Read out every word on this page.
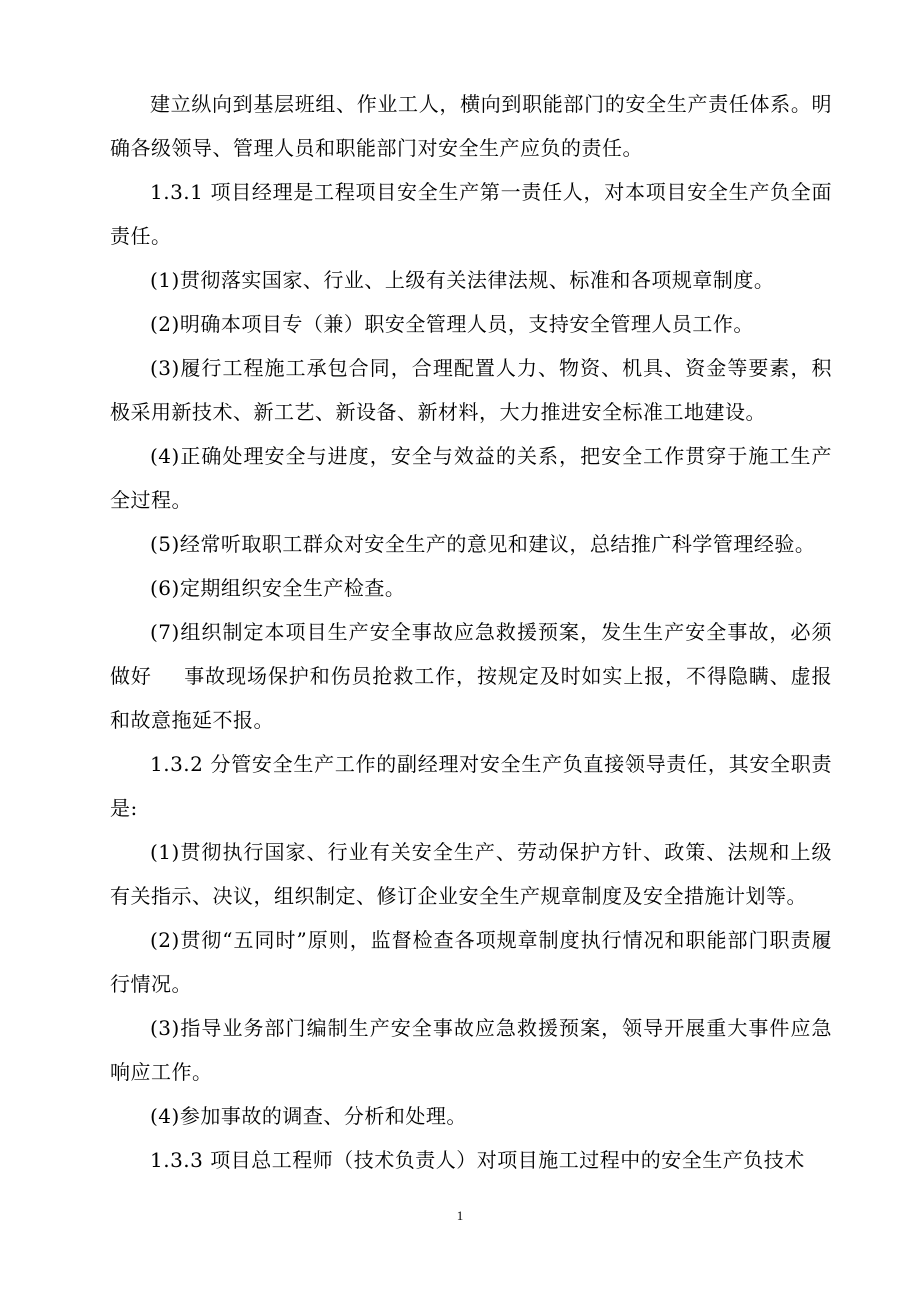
建立纵向到基层班组、作业工人，横向到职能部门的安全生产责任体系。明确各级领导、管理人员和职能部门对安全生产应负的责任。

1.3.1 项目经理是工程项目安全生产第一责任人，对本项目安全生产负全面责任。

(1)贯彻落实国家、行业、上级有关法律法规、标准和各项规章制度。

(2)明确本项目专（兼）职安全管理人员，支持安全管理人员工作。

(3)履行工程施工承包合同，合理配置人力、物资、机具、资金等要素，积极采用新技术、新工艺、新设备、新材料，大力推进安全标准工地建设。

(4)正确处理安全与进度，安全与效益的关系，把安全工作贯穿于施工生产全过程。

(5)经常听取职工群众对安全生产的意见和建议，总结推广科学管理经验。

(6)定期组织安全生产检查。

(7)组织制定本项目生产安全事故应急救援预案，发生生产安全事故，必须做好 事故现场保护和伤员抢救工作，按规定及时如实上报，不得隐瞒、虚报和故意拖延不报。

1.3.2 分管安全生产工作的副经理对安全生产负直接领导责任，其安全职责是:

(1)贯彻执行国家、行业有关安全生产、劳动保护方针、政策、法规和上级有关指示、决议，组织制定、修订企业安全生产规章制度及安全措施计划等。

(2)贯彻“五同时”原则，监督检查各项规章制度执行情况和职能部门职责履行情况。

(3)指导业务部门编制生产安全事故应急救援预案，领导开展重大事件应急响应工作。

(4)参加事故的调查、分析和处理。

1.3.3 项目总工程师（技术负责人）对项目施工过程中的安全生产负技术

1
